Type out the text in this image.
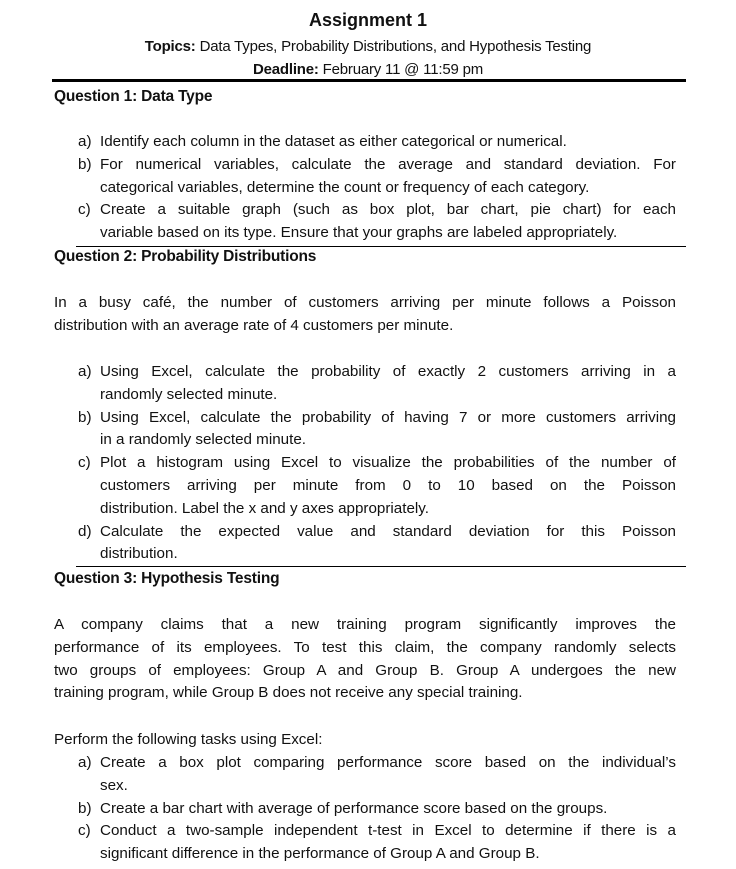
Assignment 1
Topics: Data Types, Probability Distributions, and Hypothesis Testing
Deadline: February 11 @ 11:59 pm
Question 1: Data Type
Question 2: Probability Distributions
Question 3: Hypothesis Testing
Perform the following tasks using Excel:
a) Identify each column in the dataset as either categorical or numerical.
b) For numerical variables, calculate the average and standard deviation. For
categorical variables, determine the count or frequency of each category.
c) Create a suitable graph (such as box plot, bar chart, pie chart) for each
variable based on its type. Ensure that your graphs are labeled appropriately.
In a busy café, the number of customers arriving per minute follows a Poisson
distribution with an average rate of 4 customers per minute.
a) Using Excel, calculate the probability of exactly 2 customers arriving in a
randomly selected minute.
b) Using Excel, calculate the probability of having 7 or more customers arriving
in a randomly selected minute.
c) Plot a histogram using Excel to visualize the probabilities of the number of
customers arriving per minute from 0 to 10 based on the Poisson
distribution. Label the x and y axes appropriately.
d) Calculate the expected value and standard deviation for this Poisson
distribution.
A company claims that a new training program significantly improves the
performance of its employees. To test this claim, the company randomly selects
two groups of employees: Group A and Group B. Group A undergoes the new
training program, while Group B does not receive any special training.
a) Create a box plot comparing performance score based on the individual’s
sex.
b) Create a bar chart with average of performance score based on the groups.
c) Conduct a two-sample independent t-test in Excel to determine if there is a
significant difference in the performance of Group A and Group B.
